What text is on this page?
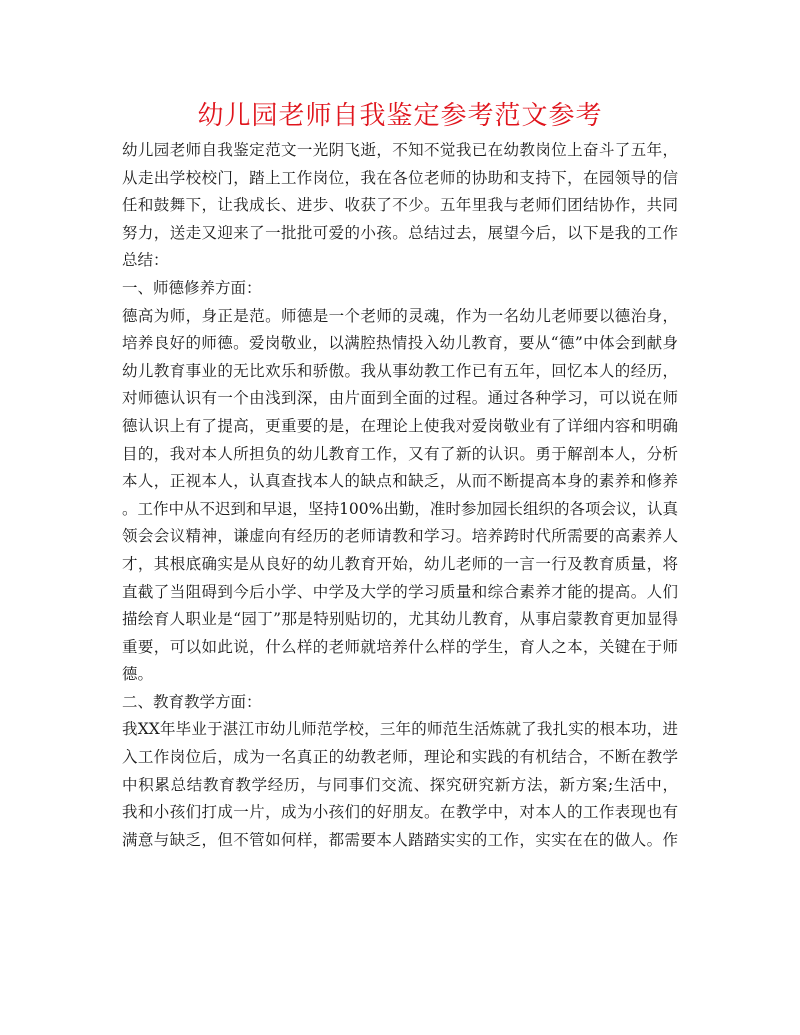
幼儿园老师自我鉴定参考范文参考
幼儿园老师自我鉴定范文一光阴飞逝，不知不觉我已在幼教岗位上奋斗了五年，
从走出学校校门，踏上工作岗位，我在各位老师的协助和支持下，在园领导的信
任和鼓舞下，让我成长、进步、收获了不少。五年里我与老师们团结协作，共同
努力，送走又迎来了一批批可爱的小孩。总结过去，展望今后，以下是我的工作
总结：
一、师德修养方面：
德高为师，身正是范。师德是一个老师的灵魂，作为一名幼儿老师要以德治身，
培养良好的师德。爱岗敬业，以满腔热情投入幼儿教育，要从“德”中体会到献身
幼儿教育事业的无比欢乐和骄傲。我从事幼教工作已有五年，回忆本人的经历，
对师德认识有一个由浅到深，由片面到全面的过程。通过各种学习，可以说在师
德认识上有了提高，更重要的是，在理论上使我对爱岗敬业有了详细内容和明确
目的，我对本人所担负的幼儿教育工作，又有了新的认识。勇于解剖本人，分析
本人，正视本人，认真查找本人的缺点和缺乏，从而不断提高本身的素养和修养
。工作中从不迟到和早退，坚持100%出勤，准时参加园长组织的各项会议，认真
领会会议精神，谦虚向有经历的老师请教和学习。培养跨时代所需要的高素养人
才，其根底确实是从良好的幼儿教育开始，幼儿老师的一言一行及教育质量，将
直截了当阻碍到今后小学、中学及大学的学习质量和综合素养才能的提高。人们
描绘育人职业是“园丁”那是特别贴切的，尤其幼儿教育，从事启蒙教育更加显得
重要，可以如此说，什么样的老师就培养什么样的学生，育人之本，关键在于师
德。
二、教育教学方面：
我XX年毕业于湛江市幼儿师范学校，三年的师范生活炼就了我扎实的根本功，进
入工作岗位后，成为一名真正的幼教老师，理论和实践的有机结合，不断在教学
中积累总结教育教学经历，与同事们交流、探究研究新方法，新方案;生活中，
我和小孩们打成一片，成为小孩们的好朋友。在教学中，对本人的工作表现也有
满意与缺乏，但不管如何样，都需要本人踏踏实实的工作，实实在在的做人。作
